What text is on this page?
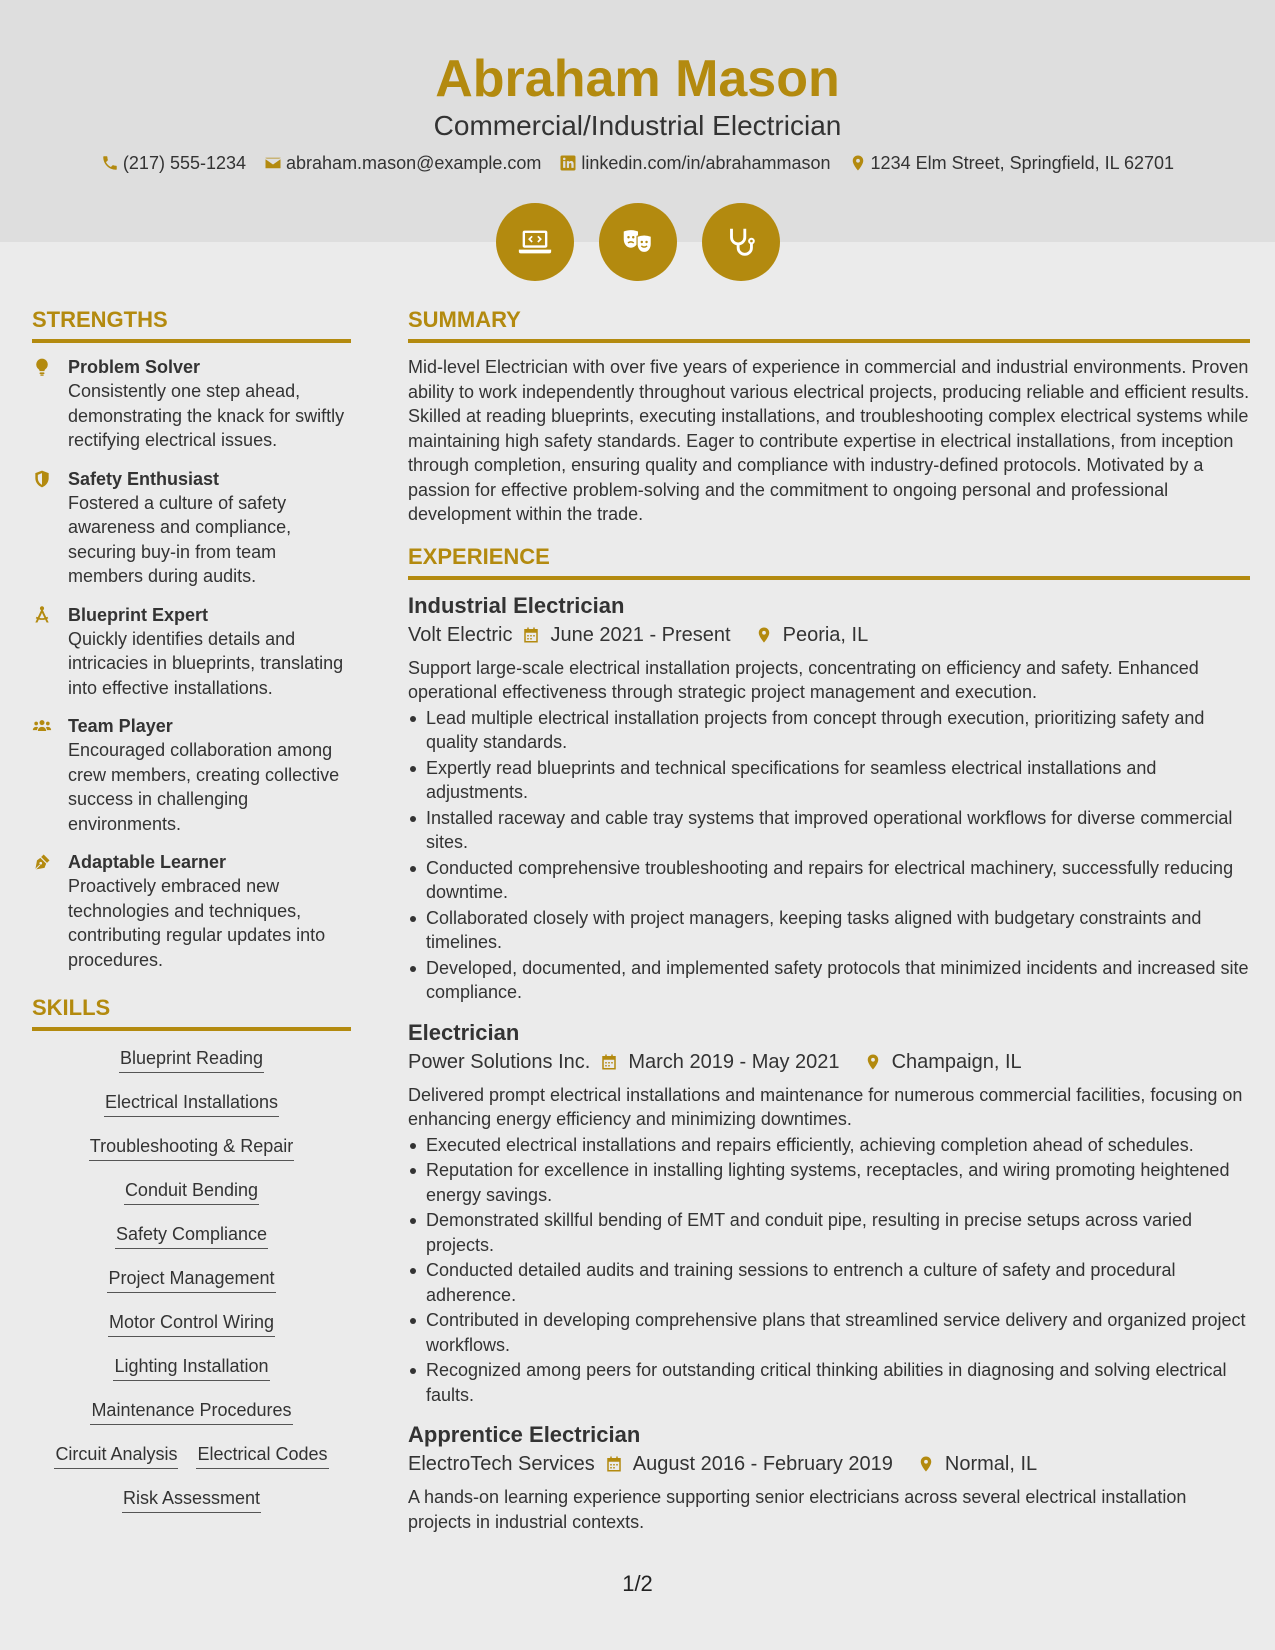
Abraham Mason
Commercial/Industrial Electrician
(217) 555-1234 abraham.mason@example.com linkedin.com/in/abrahammason 1234 Elm Street, Springfield, IL 62701
STRENGTHS
Problem Solver
Consistently one step ahead, demonstrating the knack for swiftly rectifying electrical issues.
Safety Enthusiast
Fostered a culture of safety awareness and compliance, securing buy-in from team members during audits.
Blueprint Expert
Quickly identifies details and intricacies in blueprints, translating into effective installations.
Team Player
Encouraged collaboration among crew members, creating collective success in challenging environments.
Adaptable Learner
Proactively embraced new technologies and techniques, contributing regular updates into procedures.
SKILLS
Blueprint Reading
Electrical Installations
Troubleshooting & Repair
Conduit Bending
Safety Compliance
Project Management
Motor Control Wiring
Lighting Installation
Maintenance Procedures
Circuit Analysis Electrical Codes
Risk Assessment
SUMMARY

Mid-level Electrician with over five years of experience in commercial and industrial environments. Proven ability to work independently throughout various electrical projects, producing reliable and efficient results. Skilled at reading blueprints, executing installations, and troubleshooting complex electrical systems while maintaining high safety standards. Eager to contribute expertise in electrical installations, from inception through completion, ensuring quality and compliance with industry-defined protocols. Motivated by a passion for effective problem-solving and the commitment to ongoing personal and professional development within the trade.

EXPERIENCE
Industrial Electrician
Volt Electric June 2021 - Present	Peoria, IL

Support large-scale electrical installation projects, concentrating on efficiency and safety. Enhanced operational effectiveness through strategic project management and execution.

Lead multiple electrical installation projects from concept through execution, prioritizing safety and quality standards.
Expertly read blueprints and technical specifications for seamless electrical installations and adjustments.
Installed raceway and cable tray systems that improved operational workflows for diverse commercial sites.
Conducted comprehensive troubleshooting and repairs for electrical machinery, successfully reducing downtime.
Collaborated closely with project managers, keeping tasks aligned with budgetary constraints and timelines.
Developed, documented, and implemented safety protocols that minimized incidents and increased site compliance.
Electrician
Power Solutions Inc. March 2019 - May 2021	Champaign, IL

Delivered prompt electrical installations and maintenance for numerous commercial facilities, focusing on enhancing energy efficiency and minimizing downtimes.

Executed electrical installations and repairs efficiently, achieving completion ahead of schedules.
Reputation for excellence in installing lighting systems, receptacles, and wiring promoting heightened energy savings.
Demonstrated skillful bending of EMT and conduit pipe, resulting in precise setups across varied projects.
Conducted detailed audits and training sessions to entrench a culture of safety and procedural adherence.
Contributed in developing comprehensive plans that streamlined service delivery and organized project workflows.
Recognized among peers for outstanding critical thinking abilities in diagnosing and solving electrical faults.
Apprentice Electrician
ElectroTech Services August 2016 - February 2019	Normal, IL

A hands-on learning experience supporting senior electricians across several electrical installation projects in industrial contexts.

1/2
